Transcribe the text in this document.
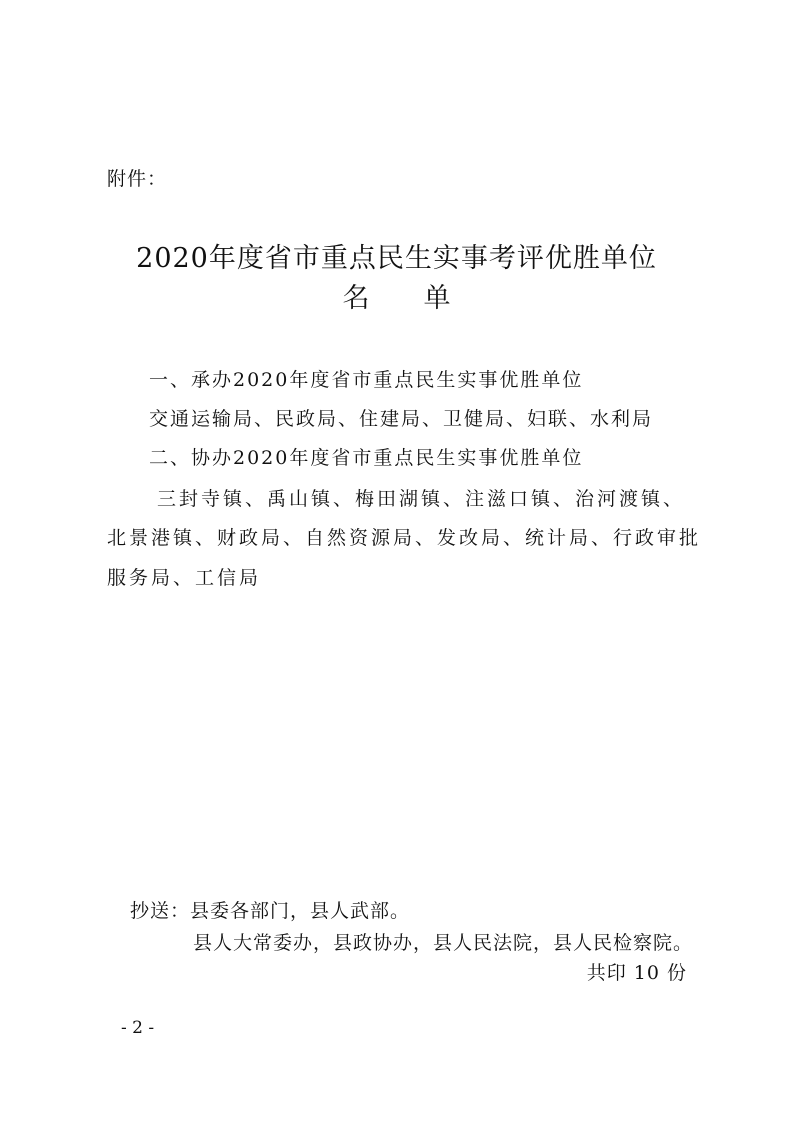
附件：
2020年度省市重点民生实事考评优胜单位
名 单
一、承办2020年度省市重点民生实事优胜单位
交通运输局、民政局、住建局、卫健局、妇联、水利局
二、协办2020年度省市重点民生实事优胜单位
三封寺镇、禹山镇、梅田湖镇、注滋口镇、治河渡镇、
北景港镇、财政局、自然资源局、发改局、统计局、行政审批
服务局、工信局
抄送：县委各部门，县人武部。
县人大常委办，县政协办，县人民法院，县人民检察院。
共印 10 份
- 2 -
